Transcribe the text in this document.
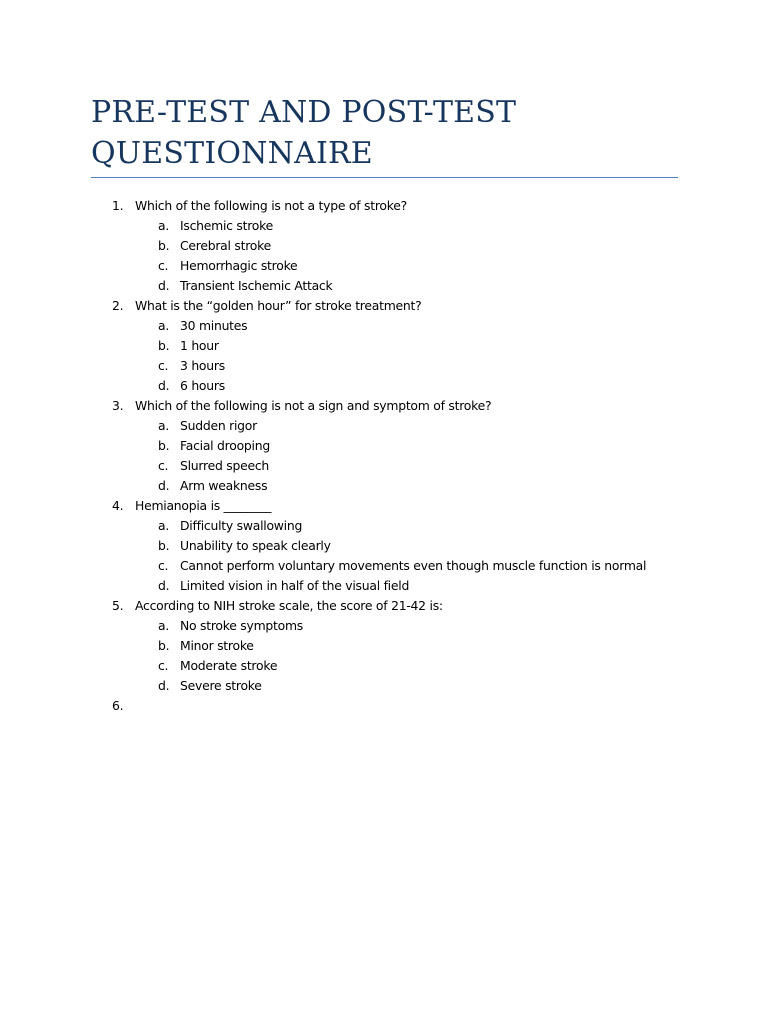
PRE-TEST AND POST-TEST
QUESTIONNAIRE
1. Which of the following is not a type of stroke?
a. Ischemic stroke
b. Cerebral stroke
c. Hemorrhagic stroke
d. Transient Ischemic Attack
2. What is the “golden hour” for stroke treatment?
a. 30 minutes
b. 1 hour
c. 3 hours
d. 6 hours
3. Which of the following is not a sign and symptom of stroke?
a. Sudden rigor
b. Facial drooping
c. Slurred speech
d. Arm weakness
4. Hemianopia is ________
a. Difficulty swallowing
b. Unability to speak clearly
c. Cannot perform voluntary movements even though muscle function is normal
d. Limited vision in half of the visual field
5. According to NIH stroke scale, the score of 21-42 is:
a. No stroke symptoms
b. Minor stroke
c. Moderate stroke
d. Severe stroke
6.
